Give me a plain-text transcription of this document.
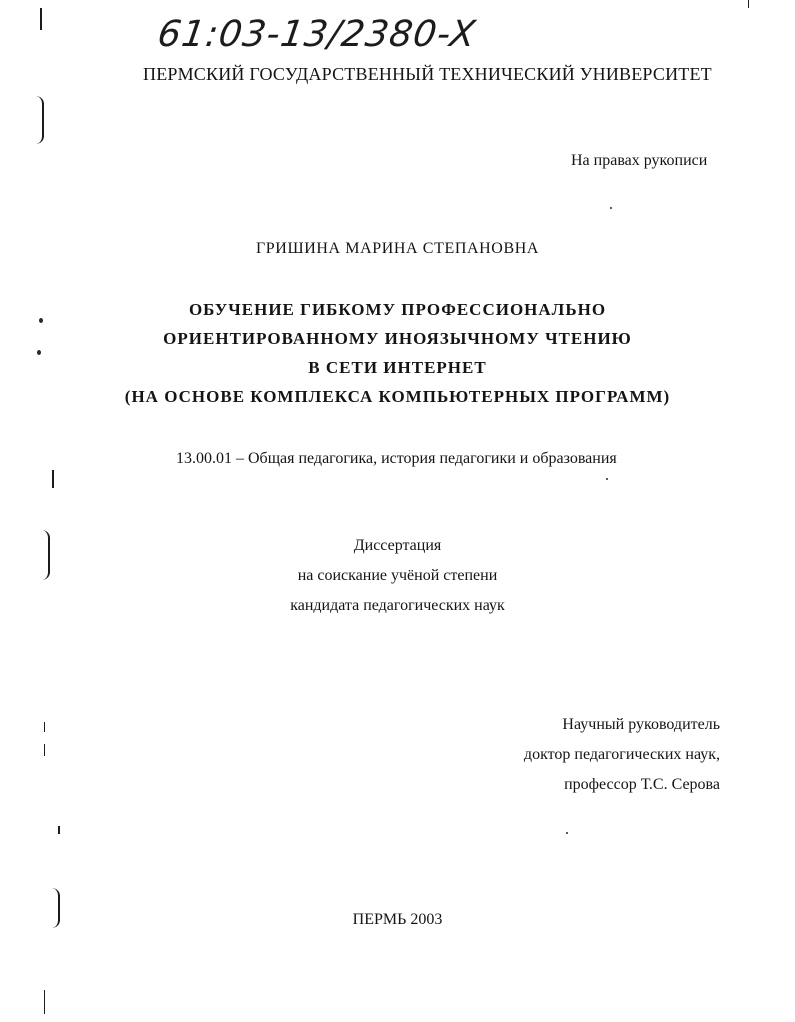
61:03-13/2380-X
ПЕРМСКИЙ ГОСУДАРСТВЕННЫЙ ТЕХНИЧЕСКИЙ УНИВЕРСИТЕТ
На правах рукописи
ГРИШИНА МАРИНА СТЕПАНОВНА
ОБУЧЕНИЕ ГИБКОМУ ПРОФЕССИОНАЛЬНО
ОРИЕНТИРОВАННОМУ ИНОЯЗЫЧНОМУ ЧТЕНИЮ
В СЕТИ ИНТЕРНЕТ
(НА ОСНОВЕ КОМПЛЕКСА КОМПЬЮТЕРНЫХ ПРОГРАММ)
13.00.01 – Общая педагогика, история педагогики и образования
Диссертация
на соискание учёной степени
кандидата педагогических наук
Научный руководитель
доктор педагогических наук,
профессор Т.С. Серова
ПЕРМЬ 2003
